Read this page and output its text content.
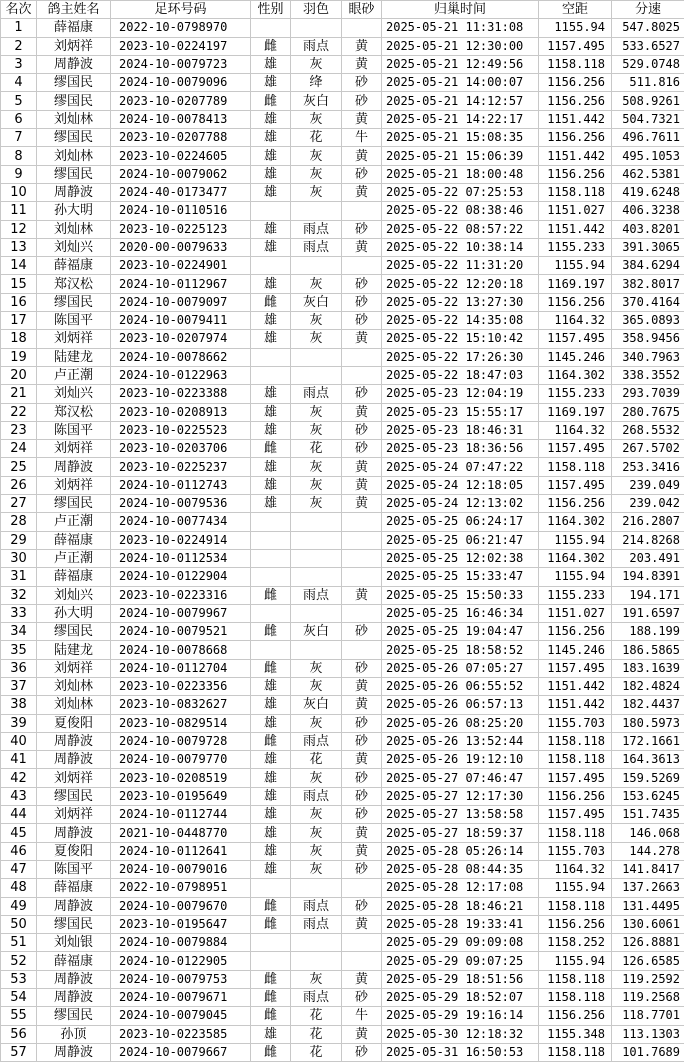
名次	鸽主姓名	足环号码	性别	羽色	眼砂	归巢时间	空距	分速
1	薛福康	2022-10-0798970				2025-05-21 11:31:08	1155.94	547.8025
2	刘炳祥	2023-10-0224197	雌	雨点	黄	2025-05-21 12:30:00	1157.495	533.6527
3	周静波	2024-10-0079723	雄	灰	黄	2025-05-21 12:49:56	1158.118	529.0748
4	缪国民	2024-10-0079096	雄	绛	砂	2025-05-21 14:00:07	1156.256	511.816
5	缪国民	2023-10-0207789	雌	灰白	砂	2025-05-21 14:12:57	1156.256	508.9261
6	刘灿林	2024-10-0078413	雄	灰	黄	2025-05-21 14:22:17	1151.442	504.7321
7	缪国民	2023-10-0207788	雄	花	牛	2025-05-21 15:08:35	1156.256	496.7611
8	刘灿林	2023-10-0224605	雄	灰	黄	2025-05-21 15:06:39	1151.442	495.1053
9	缪国民	2024-10-0079062	雄	灰	砂	2025-05-21 18:00:48	1156.256	462.5381
10	周静波	2024-40-0173477	雄	灰	黄	2025-05-22 07:25:53	1158.118	419.6248
11	孙大明	2024-10-0110516				2025-05-22 08:38:46	1151.027	406.3238
12	刘灿林	2023-10-0225123	雄	雨点	砂	2025-05-22 08:57:22	1151.442	403.8201
13	刘灿兴	2020-00-0079633	雄	雨点	黄	2025-05-22 10:38:14	1155.233	391.3065
14	薛福康	2023-10-0224901				2025-05-22 11:31:20	1155.94	384.6294
15	郑汉松	2024-10-0112967	雄	灰	砂	2025-05-22 12:20:18	1169.197	382.8017
16	缪国民	2024-10-0079097	雌	灰白	砂	2025-05-22 13:27:30	1156.256	370.4164
17	陈国平	2024-10-0079411	雄	灰	砂	2025-05-22 14:35:08	1164.32	365.0893
18	刘炳祥	2023-10-0207974	雄	灰	黄	2025-05-22 15:10:42	1157.495	358.9456
19	陆建龙	2024-10-0078662				2025-05-22 17:26:30	1145.246	340.7963
20	卢正潮	2024-10-0122963				2025-05-22 18:47:03	1164.302	338.3552
21	刘灿兴	2023-10-0223388	雄	雨点	砂	2025-05-23 12:04:19	1155.233	293.7039
22	郑汉松	2023-10-0208913	雄	灰	黄	2025-05-23 15:55:17	1169.197	280.7675
23	陈国平	2023-10-0225523	雄	灰	砂	2025-05-23 18:46:31	1164.32	268.5532
24	刘炳祥	2023-10-0203706	雌	花	砂	2025-05-23 18:36:56	1157.495	267.5702
25	周静波	2023-10-0225237	雄	灰	黄	2025-05-24 07:47:22	1158.118	253.3416
26	刘炳祥	2024-10-0112743	雄	灰	黄	2025-05-24 12:18:05	1157.495	239.049
27	缪国民	2024-10-0079536	雄	灰	黄	2025-05-24 12:13:02	1156.256	239.042
28	卢正潮	2024-10-0077434				2025-05-25 06:24:17	1164.302	216.2807
29	薛福康	2023-10-0224914				2025-05-25 06:21:47	1155.94	214.8268
30	卢正潮	2024-10-0112534				2025-05-25 12:02:38	1164.302	203.491
31	薛福康	2024-10-0122904				2025-05-25 15:33:47	1155.94	194.8391
32	刘灿兴	2023-10-0223316	雌	雨点	黄	2025-05-25 15:50:33	1155.233	194.171
33	孙大明	2024-10-0079967				2025-05-25 16:46:34	1151.027	191.6597
34	缪国民	2024-10-0079521	雌	灰白	砂	2025-05-25 19:04:47	1156.256	188.199
35	陆建龙	2024-10-0078668				2025-05-25 18:58:52	1145.246	186.5865
36	刘炳祥	2024-10-0112704	雌	灰	砂	2025-05-26 07:05:27	1157.495	183.1639
37	刘灿林	2023-10-0223356	雄	灰	黄	2025-05-26 06:55:52	1151.442	182.4824
38	刘灿林	2023-10-0832627	雄	灰白	黄	2025-05-26 06:57:13	1151.442	182.4437
39	夏俊阳	2023-10-0829514	雄	灰	砂	2025-05-26 08:25:20	1155.703	180.5973
40	周静波	2024-10-0079728	雌	雨点	砂	2025-05-26 13:52:44	1158.118	172.1661
41	周静波	2024-10-0079770	雄	花	黄	2025-05-26 19:12:10	1158.118	164.3613
42	刘炳祥	2023-10-0208519	雄	灰	砂	2025-05-27 07:46:47	1157.495	159.5269
43	缪国民	2023-10-0195649	雄	雨点	砂	2025-05-27 12:17:30	1156.256	153.6245
44	刘炳祥	2024-10-0112744	雄	灰	砂	2025-05-27 13:58:58	1157.495	151.7435
45	周静波	2021-10-0448770	雄	灰	黄	2025-05-27 18:59:37	1158.118	146.068
46	夏俊阳	2024-10-0112641	雄	灰	黄	2025-05-28 05:26:14	1155.703	144.278
47	陈国平	2024-10-0079016	雄	灰	砂	2025-05-28 08:44:35	1164.32	141.8417
48	薛福康	2022-10-0798951				2025-05-28 12:17:08	1155.94	137.2663
49	周静波	2024-10-0079670	雌	雨点	砂	2025-05-28 18:46:21	1158.118	131.4495
50	缪国民	2023-10-0195647	雌	雨点	黄	2025-05-28 19:33:41	1156.256	130.6061
51	刘灿银	2024-10-0079884				2025-05-29 09:09:08	1158.252	126.8881
52	薛福康	2024-10-0122905				2025-05-29 09:07:25	1155.94	126.6585
53	周静波	2024-10-0079753	雌	灰	黄	2025-05-29 18:51:56	1158.118	119.2592
54	周静波	2024-10-0079671	雌	雨点	砂	2025-05-29 18:52:07	1158.118	119.2568
55	缪国民	2024-10-0079045	雌	花	牛	2025-05-29 19:16:14	1156.256	118.7701
56	孙顶	2023-10-0223585	雄	花	黄	2025-05-30 12:18:32	1155.348	113.1303
57	周静波	2024-10-0079667	雌	花	砂	2025-05-31 16:50:53	1158.118	101.7689
